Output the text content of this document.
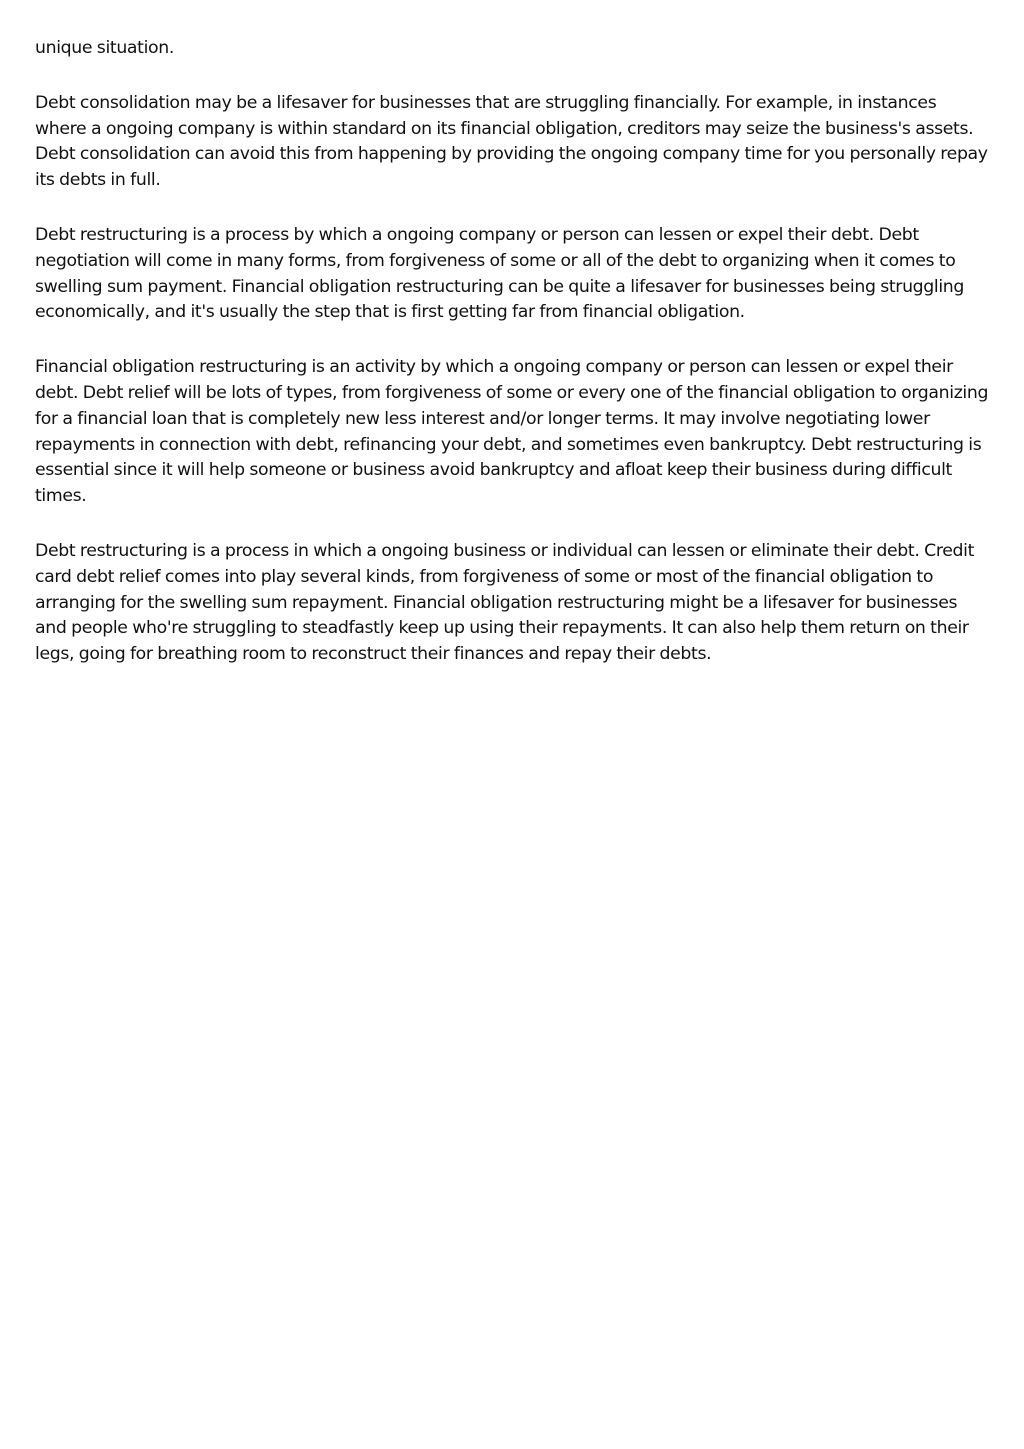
unique situation.

Debt consolidation may be a lifesaver for businesses that are struggling financially. For example, in instances where a ongoing company is within standard on its financial obligation, creditors may seize the business's assets. Debt consolidation can avoid this from happening by providing the ongoing company time for you personally repay its debts in full.

Debt restructuring is a process by which a ongoing company or person can lessen or expel their debt. Debt negotiation will come in many forms, from forgiveness of some or all of the debt to organizing when it comes to swelling sum payment. Financial obligation restructuring can be quite a lifesaver for businesses being struggling economically, and it's usually the step that is first getting far from financial obligation.

Financial obligation restructuring is an activity by which a ongoing company or person can lessen or expel their debt. Debt relief will be lots of types, from forgiveness of some or every one of the financial obligation to organizing for a financial loan that is completely new less interest and/or longer terms. It may involve negotiating lower repayments in connection with debt, refinancing your debt, and sometimes even bankruptcy. Debt restructuring is essential since it will help someone or business avoid bankruptcy and afloat keep their business during difficult times.

Debt restructuring is a process in which a ongoing business or individual can lessen or eliminate their debt. Credit card debt relief comes into play several kinds, from forgiveness of some or most of the financial obligation to arranging for the swelling sum repayment. Financial obligation restructuring might be a lifesaver for businesses and people who're struggling to steadfastly keep up using their repayments. It can also help them return on their legs, going for breathing room to reconstruct their finances and repay their debts.
